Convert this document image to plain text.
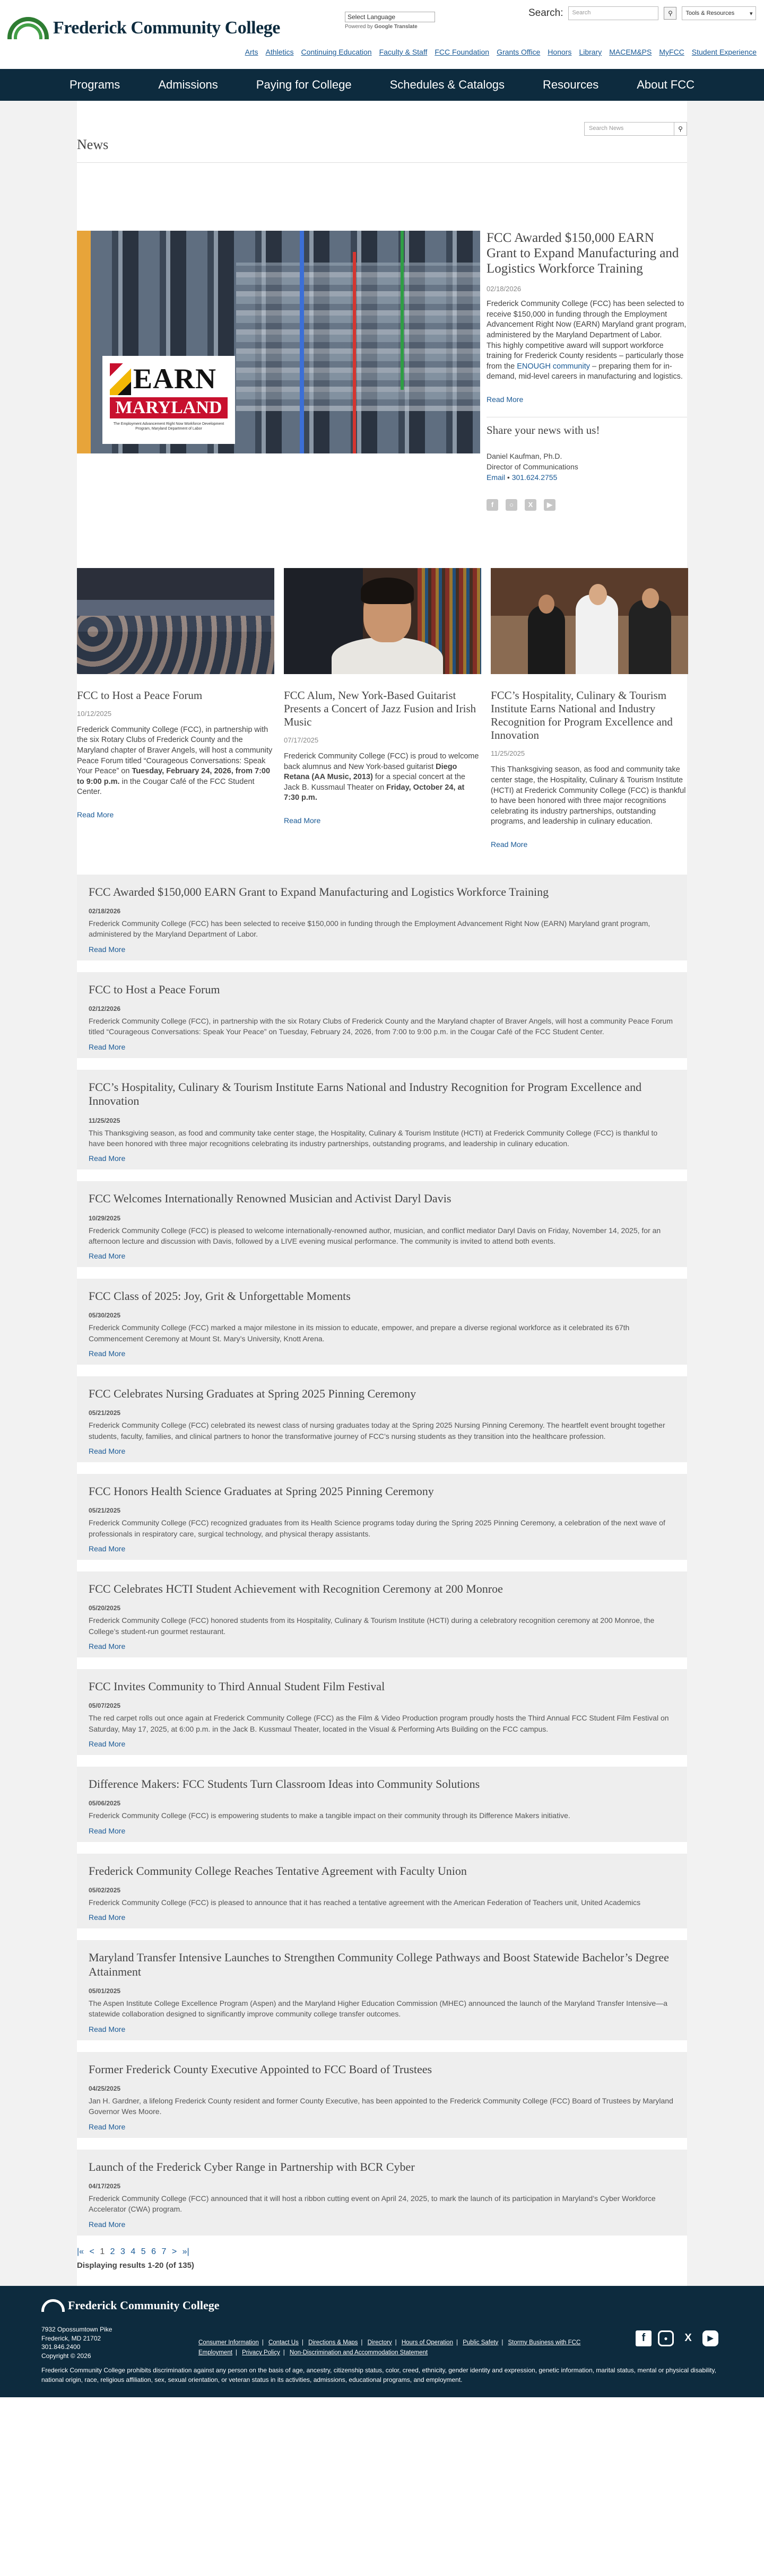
Frederick Community College
Select Language
Powered by Google Translate
Search:	Search	⚲ Tools & Resources	▾
Arts Athletics Continuing Education Faculty & Staff FCC Foundation Grants Office Honors Library MACEM&PS MyFCC Student Experience
Programs	Admissions	Paying for College	Schedules & Catalogs	Resources	About FCC
News
Search News	⚲
EARN
MARYLAND
The Employment Advancement Right Now Workforce Development Program, Maryland Department of Labor
FCC Awarded $150,000 EARN Grant to Expand Manufacturing and Logistics Workforce Training
02/18/2026

Frederick Community College (FCC) has been selected to receive $150,000 in funding through the Employment Advancement Right Now (EARN) Maryland grant program, administered by the Maryland Department of Labor.

This highly competitive award will support workforce training for Frederick County residents – particularly those from the ENOUGH community – preparing them for in-demand, mid-level careers in manufacturing and logistics.

Read More
Share your news with us!
Daniel Kaufman, Ph.D.
Director of Communications
Email • 301.624.2755
f	○	X	▶
FCC to Host a Peace Forum
10/12/2025

Frederick Community College (FCC), in partnership with the six Rotary Clubs of Frederick County and the Maryland chapter of Braver Angels, will host a community Peace Forum titled “Courageous Conversations: Speak Your Peace” on Tuesday, February 24, 2026, from 7:00 to 9:00 p.m. in the Cougar Café of the FCC Student Center.

Read More
FCC Alum, New York-Based Guitarist Presents a Concert of Jazz Fusion and Irish Music
07/17/2025

Frederick Community College (FCC) is proud to welcome back alumnus and New York-based guitarist Diego Retana (AA Music, 2013) for a special concert at the Jack B. Kussmaul Theater on Friday, October 24, at 7:30 p.m.

Read More
FCC’s Hospitality, Culinary & Tourism Institute Earns National and Industry Recognition for Program Excellence and Innovation
11/25/2025

This Thanksgiving season, as food and community take center stage, the Hospitality, Culinary & Tourism Institute (HCTI) at Frederick Community College (FCC) is thankful to have been honored with three major recognitions celebrating its industry partnerships, outstanding programs, and leadership in culinary education.

Read More
FCC Awarded $150,000 EARN Grant to Expand Manufacturing and Logistics Workforce Training
02/18/2026

Frederick Community College (FCC) has been selected to receive $150,000 in funding through the Employment Advancement Right Now (EARN) Maryland grant program, administered by the Maryland Department of Labor.

Read More
FCC to Host a Peace Forum
02/12/2026

Frederick Community College (FCC), in partnership with the six Rotary Clubs of Frederick County and the Maryland chapter of Braver Angels, will host a community Peace Forum titled “Courageous Conversations: Speak Your Peace” on Tuesday, February 24, 2026, from 7:00 to 9:00 p.m. in the Cougar Café of the FCC Student Center.

Read More
FCC’s Hospitality, Culinary & Tourism Institute Earns National and Industry Recognition for Program Excellence and Innovation
11/25/2025

This Thanksgiving season, as food and community take center stage, the Hospitality, Culinary & Tourism Institute (HCTI) at Frederick Community College (FCC) is thankful to have been honored with three major recognitions celebrating its industry partnerships, outstanding programs, and leadership in culinary education.

Read More
FCC Welcomes Internationally Renowned Musician and Activist Daryl Davis
10/29/2025

Frederick Community College (FCC) is pleased to welcome internationally-renowned author, musician, and conflict mediator Daryl Davis on Friday, November 14, 2025, for an afternoon lecture and discussion with Davis, followed by a LIVE evening musical performance. The community is invited to attend both events.

Read More
FCC Class of 2025: Joy, Grit & Unforgettable Moments
05/30/2025

Frederick Community College (FCC) marked a major milestone in its mission to educate, empower, and prepare a diverse regional workforce as it celebrated its 67th Commencement Ceremony at Mount St. Mary’s University, Knott Arena.

Read More
FCC Celebrates Nursing Graduates at Spring 2025 Pinning Ceremony
05/21/2025

Frederick Community College (FCC) celebrated its newest class of nursing graduates today at the Spring 2025 Nursing Pinning Ceremony. The heartfelt event brought together students, faculty, families, and clinical partners to honor the transformative journey of FCC’s nursing students as they transition into the healthcare profession.

Read More
FCC Honors Health Science Graduates at Spring 2025 Pinning Ceremony
05/21/2025

Frederick Community College (FCC) recognized graduates from its Health Science programs today during the Spring 2025 Pinning Ceremony, a celebration of the next wave of professionals in respiratory care, surgical technology, and physical therapy assistants.

Read More
FCC Celebrates HCTI Student Achievement with Recognition Ceremony at 200 Monroe
05/20/2025

Frederick Community College (FCC) honored students from its Hospitality, Culinary & Tourism Institute (HCTI) during a celebratory recognition ceremony at 200 Monroe, the College’s student-run gourmet restaurant.

Read More
FCC Invites Community to Third Annual Student Film Festival
05/07/2025

The red carpet rolls out once again at Frederick Community College (FCC) as the Film & Video Production program proudly hosts the Third Annual FCC Student Film Festival on Saturday, May 17, 2025, at 6:00 p.m. in the Jack B. Kussmaul Theater, located in the Visual & Performing Arts Building on the FCC campus.

Read More
Difference Makers: FCC Students Turn Classroom Ideas into Community Solutions
05/06/2025

Frederick Community College (FCC) is empowering students to make a tangible impact on their community through its Difference Makers initiative.

Read More
Frederick Community College Reaches Tentative Agreement with Faculty Union
05/02/2025

Frederick Community College (FCC) is pleased to announce that it has reached a tentative agreement with the American Federation of Teachers unit, United Academics

Read More
Maryland Transfer Intensive Launches to Strengthen Community College Pathways and Boost Statewide Bachelor’s Degree Attainment
05/01/2025

The Aspen Institute College Excellence Program (Aspen) and the Maryland Higher Education Commission (MHEC) announced the launch of the Maryland Transfer Intensive—a statewide collaboration designed to significantly improve community college transfer outcomes.

Read More
Former Frederick County Executive Appointed to FCC Board of Trustees
04/25/2025

Jan H. Gardner, a lifelong Frederick County resident and former County Executive, has been appointed to the Frederick Community College (FCC) Board of Trustees by Maryland Governor Wes Moore.

Read More
Launch of the Frederick Cyber Range in Partnership with BCR Cyber
04/17/2025

Frederick Community College (FCC) announced that it will host a ribbon cutting event on April 24, 2025, to mark the launch of its participation in Maryland’s Cyber Workforce Accelerator (CWA) program.

Read More
|« < 1 2 3 4 5 6 7 > »|
Displaying results 1-20 (of 135)
Frederick Community College
7932 Opossumtown Pike
Frederick, MD 21702
301.846.2400
Copyright © 2026
Consumer Information | Contact Us | Directions & Maps | Directory | Hours of Operation | Public Safety | Stormy Business with FCC
Employment | Privacy Policy | Non-Discrimination and Accommodation Statement
f	●	X	▶
Frederick Community College prohibits discrimination against any person on the basis of age, ancestry, citizenship status, color, creed, ethnicity, gender identity and expression, genetic information, marital status, mental or physical disability, national origin, race, religious affiliation, sex, sexual orientation, or veteran status in its activities, admissions, educational programs, and employment.
